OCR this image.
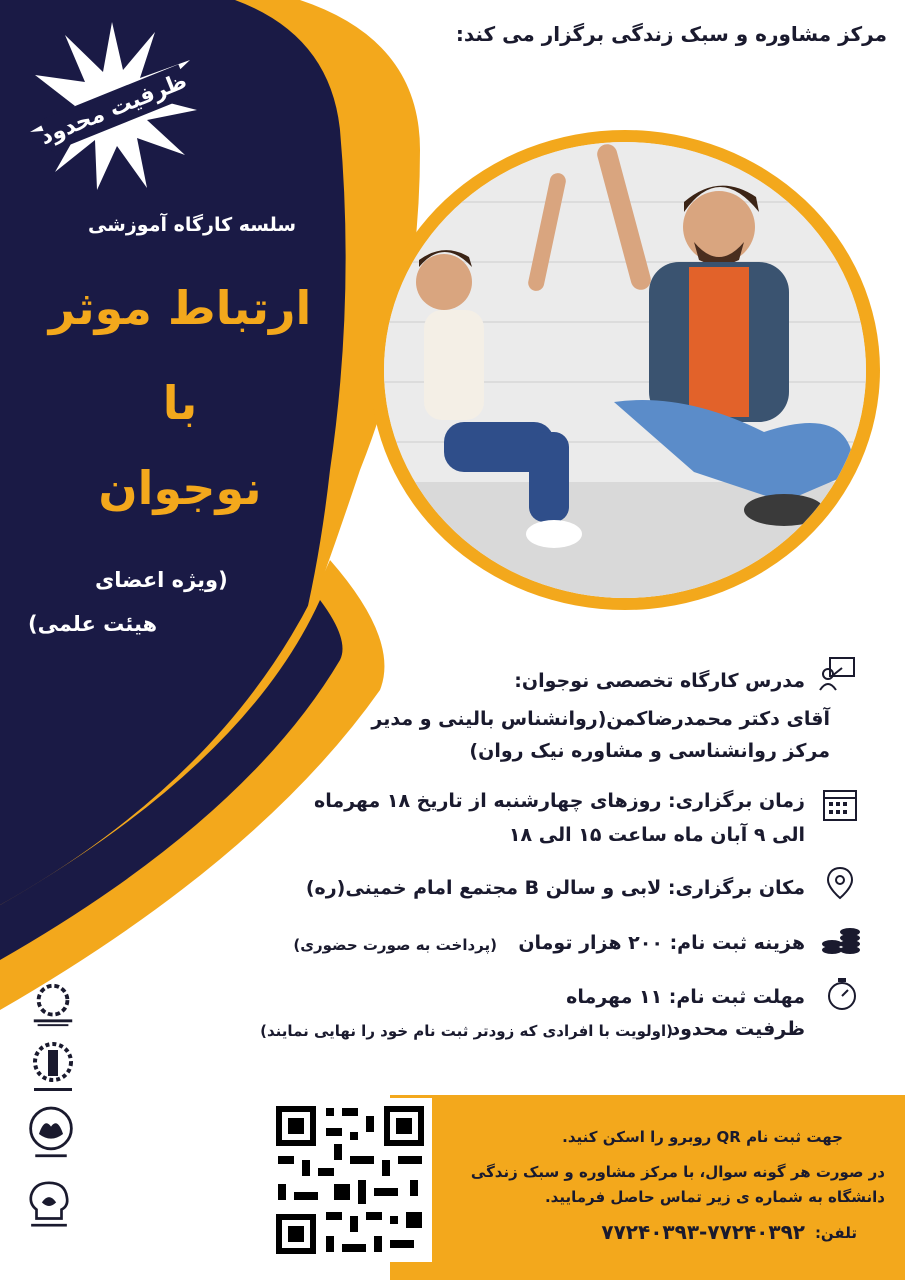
ظرفیت محدود
مرکز مشاوره و سبک زندگی برگزار می کند:
سلسه کارگاه آموزشی
ارتباط موثر
با
نوجوان
(ویژه اعضای
هیئت علمی)
مدرس کارگاه تخصصی نوجوان:
آقای دکتر محمدرضاکمن(روانشناس بالینی و مدیر
مرکز روانشناسی و مشاوره نیک روان)
زمان برگزاری: روزهای چهارشنبه از تاریخ ۱۸ مهرماه
الی ۹ آبان ماه ساعت ۱۵ الی ۱۸
مکان برگزاری: لابی و سالن B مجتمع امام خمینی(ره)
هزینه ثبت نام: ۲۰۰ هزار تومان
(پرداخت به صورت حضوری)
مهلت ثبت نام: ۱۱ مهرماه
ظرفیت محدود
(اولویت با افرادی که زودتر ثبت نام خود را نهایی نمایند)
جهت ثبت نام QR روبرو را اسکن کنید.
در صورت هر گونه سوال، با مرکز مشاوره و سبک زندگی
دانشگاه به شماره ی زیر تماس حاصل فرمایید.
تلفن:
۷۷۲۴۰۳۹۳-۷۷۲۴۰۳۹۲
